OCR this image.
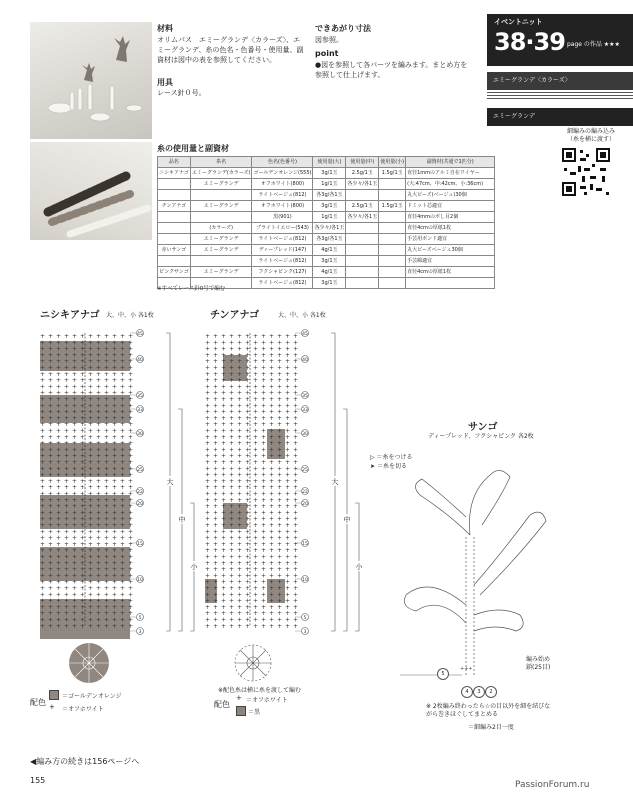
材料
オリムパス　エミーグランデ〈カラーズ〉、エミーグランデ、糸の色名・色番号・使用量、副資材は図中の表を参照してください。
用具
レース針０号。
できあがり寸法
図参照。
point
●図を参照して各パーツを編みます。まとめ方を参照して仕上げます。
イベントニット
38·39 page の作品 ★★★
エミーグランデ〈カラーズ〉
エミーグランデ
細編みの編み込み
（糸を横に渡す）
糸の使用量と副資材
品名	糸名	色名(色番号)	使用量(大)	使用量(中)	使用量(小)	副資材(共通で1匹分)
ニシキアナゴ	エミーグランデ(カラーズ)	ゴールデンオレンジ(555)	3g/1玉	2.5g/1玉	1.5g/1玉	直径1mmのアルミ自在ワイヤー
	エミーグランデ	オフホワイト(800)	1g/1玉	各少々/各1玉		(大:47cm、中:42cm、小:36cm)
		ライトベージュ(812)	各3g/各1玉			丸大ビーズ(ベージュ)30個
チンアナゴ	エミーグランデ	オフホワイト(800)	3g/1玉	2.5g/1玉	1.5g/1玉	ドミット芯適宜
		黒(901)	1g/1玉	各少々/各1玉		直径4mmのボし目2個
	(カラーズ)	ブライトイエロー(543)	各少々/各1玉			直径4cmの厚紙1枚
	エミーグランデ	ライトベージュ(812)	各3g/各1玉			手芸用ボンド適宜
赤いサンゴ	エミーグランデ	ディープレッド(147)	4g/1玉			丸大ビーズベージュ30個
		ライトベージュ(812)	3g/1玉			手芸綿適宜
ピンクサンゴ	エミーグランデ	フクシャピンク(127)	4g/1玉			直径4cmの厚紙1枚
		ライトベージュ(812)	3g/1玉			
※すべてレース針0号で編む
ニシキアナゴ 大、中、小 各1枚	チンアナゴ	大、中、小 各1枚
+ + + + + + + + + + + +
+ + + + + + + + + + + +
+ + + + + + + + + + + +
+ + + + + + + + + + + +
+ + + + + + + + + + + +
+ + + + + + + + + + + +
+ + + + + + + + + + + +
+ + + + + + + + + + + +
+ + + + + + + + + + + +
+ + + + + + + + + + + +
+ + + + + + + + + + + +
+ + + + + + + + + + + +
+ + + + + + + + + + + +
+ + + + + + + + + + + +
+ + + + + + + + + + + +
+ + + + + + + + + + + +
+ + + + + + + + + + + +
+ + + + + + + + + + + +
+ + + + + + + + + + + +
+ + + + + + + + + + + +
+ + + + + + + + + + + +
+ + + + + + + + + + + +
+ + + + + + + + + + + +
+ + + + + + + + + + + +
+ + + + + + + + + + + +
+ + + + + + + + + + + +
+ + + + + + + + + + + +
+ + + + + + + + + + + +
+ + + + + + + + + + + +
+ + + + + + + + + + + +
+ + + + + + + + + + + +
+ + + + + + + + + + + +
+ + + + + + + + + + + +
+ + + + + + + + + + + +
+ + + + + + + + + + + +
+ + + + + + + + + + + +
+ + + + + + + + + + + +
+ + + + + + + + + + + +
+ + + + + + + + + + + +
+ + + + + + + + + + + +
+ + + + + + + + + + + +
+ + + + + + + + + + + +
+ + + + + + + + + + + +
+ + + + + + + + + + + +
+ + + + + + + + + + + +
+ + + + + + + + + + + +
+ + + + + + + + + + + +
45
40
35
33
30
25
22
20
15
10
5
3
大
中
小
+ + + + + + + + + + + +
+ + + + + + + + + + + +
+ + + + + + + + + + + +
+ + + + + + + + + + + +
+ + + + + + + + + + + +
+ + + + + + + + + + + +
+ + + + + + + + + + + +
+ + + + + + + + + + + +
+ + + + + + + + + + + +
+ + + + + + + + + + + +
+ + + + + + + + + + + +
+ + + + + + + + + + + +
+ + + + + + + + + + + +
+ + + + + + + + + + + +
+ + + + + + + + + + + +
+ + + + + + + + + + + +
+ + + + + + + + + + + +
+ + + + + + + + + + + +
+ + + + + + + + + + + +
+ + + + + + + + + + + +
+ + + + + + + + + + + +
+ + + + + + + + + + + +
+ + + + + + + + + + + +
+ + + + + + + + + + + +
+ + + + + + + + + + + +
+ + + + + + + + + + + +
+ + + + + + + + + + + +
+ + + + + + + + + + + +
+ + + + + + + + + + + +
+ + + + + + + + + + + +
+ + + + + + + + + + + +
+ + + + + + + + + + + +
+ + + + + + + + + + + +
+ + + + + + + + + + + +
+ + + + + + + + + + + +
+ + + + + + + + + + + +
+ + + + + + + + + + + +
+ + + + + + + + + + + +
+ + + + + + + + + + + +
+ + + + + + + + + + + +
+ + + + + + + + + + + +
+ + + + + + + + + + + +
+ + + + + + + + + + + +
+ + + + + + + + + + + +
+ + + + + + + + + + + +
+ + + + + + + + + + + +
+ + + + + + + + + + + +
45
40
35
33
30
25
22
20
15
10
5
3
大
中
小
配色
＝ゴールデンオレンジ
+ ＝オフホワイト
※配色糸は横に糸を渡して編む
配色
+ ＝オフホワイト
＝黒
サンゴ
ディープレッド、フクシャピンク 各2枚
▷ ＝糸をつける
➤ ＝糸を切る
+++
5
4	3	2
編み始め
鎖(25目)
※ 2枚編み終わったら☆の目以外を細を結びながら巻きほぐしてまとめる
＝細編み2目一度
◀編み方の続きは156ページへ
155	PassionForum.ru
